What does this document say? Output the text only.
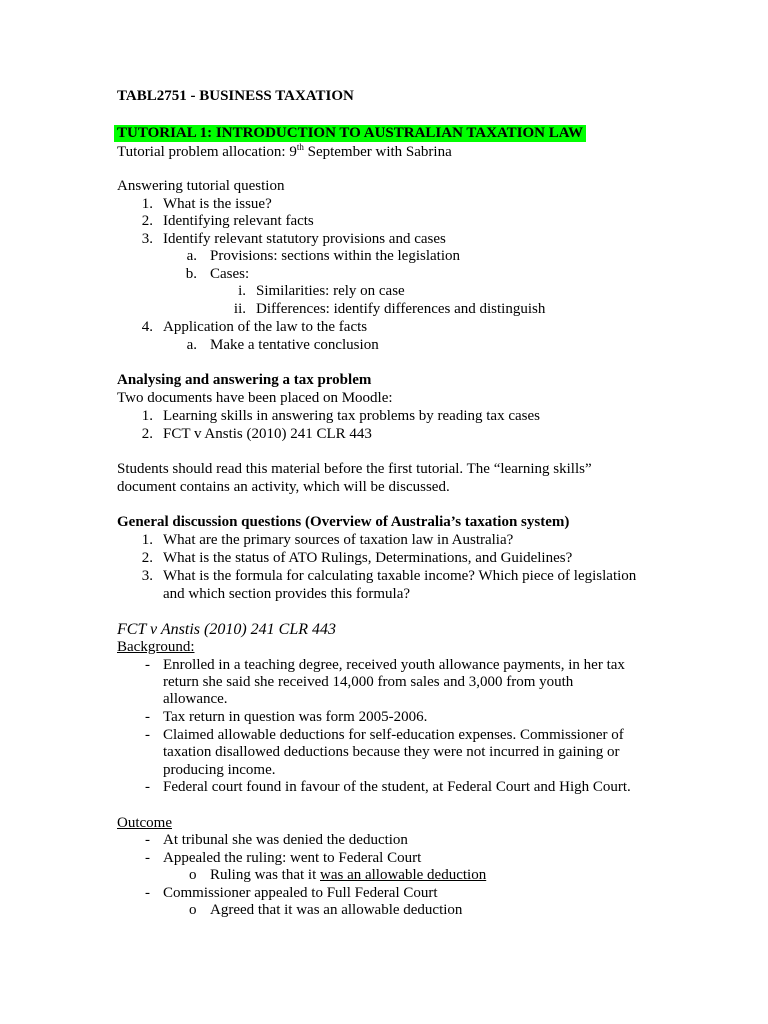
TABL2751 - BUSINESS TAXATION
TUTORIAL 1: INTRODUCTION TO AUSTRALIAN TAXATION LAW
Tutorial problem allocation: 9th September with Sabrina
Answering tutorial question
1. What is the issue?
2. Identifying relevant facts
3. Identify relevant statutory provisions and cases
a. Provisions: sections within the legislation
b. Cases:
i. Similarities: rely on case
ii. Differences: identify differences and distinguish
4. Application of the law to the facts
a. Make a tentative conclusion
Analysing and answering a tax problem
Two documents have been placed on Moodle:
1. Learning skills in answering tax problems by reading tax cases
2. FCT v Anstis (2010) 241 CLR 443
Students should read this material before the first tutorial. The “learning skills”
document contains an activity, which will be discussed.
General discussion questions (Overview of Australia’s taxation system)
1. What are the primary sources of taxation law in Australia?
2. What is the status of ATO Rulings, Determinations, and Guidelines?
3. What is the formula for calculating taxable income? Which piece of legislation
and which section provides this formula?
FCT v Anstis (2010) 241 CLR 443
Background:
- Enrolled in a teaching degree, received youth allowance payments, in her tax
return she said she received 14,000 from sales and 3,000 from youth
allowance.
- Tax return in question was form 2005-2006.
- Claimed allowable deductions for self-education expenses. Commissioner of
taxation disallowed deductions because they were not incurred in gaining or
producing income.
- Federal court found in favour of the student, at Federal Court and High Court.
Outcome
- At tribunal she was denied the deduction
- Appealed the ruling: went to Federal Court
o Ruling was that it was an allowable deduction
- Commissioner appealed to Full Federal Court
o Agreed that it was an allowable deduction
